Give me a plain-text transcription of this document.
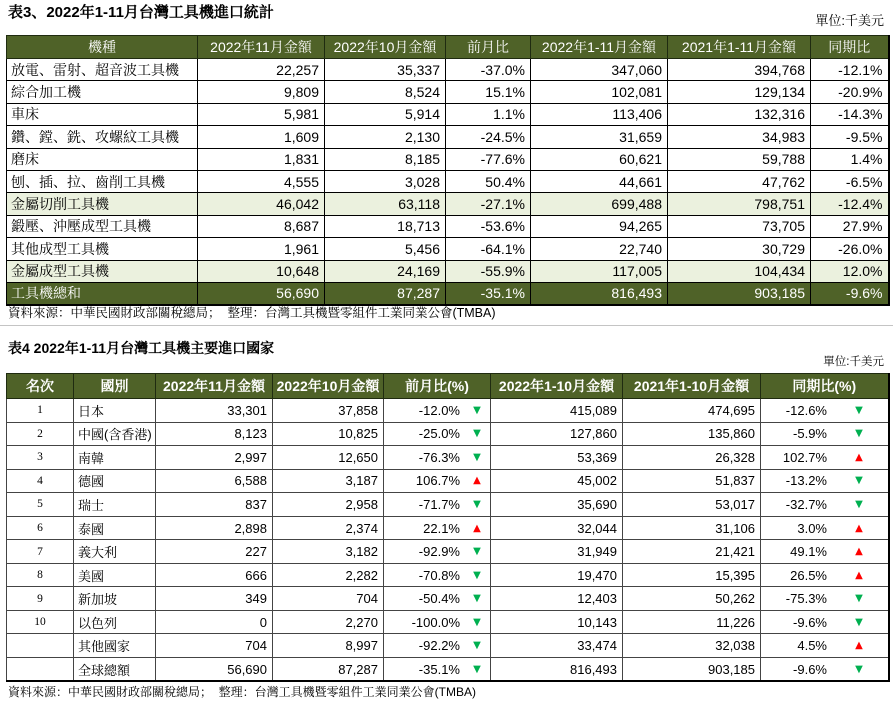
表3、2022年1-11月台灣工具機進口統計	單位:千美元
機種	2022年11月金額	2022年10月金額	前月比	2022年1-11月金額	2021年1-11月金額	同期比
放電、雷射、超音波工具機	22,257	35,337	-37.0%	347,060	394,768	-12.1%
綜合加工機	9,809	8,524	15.1%	102,081	129,134	-20.9%
車床	5,981	5,914	1.1%	113,406	132,316	-14.3%
鑽、鏜、銑、攻螺紋工具機	1,609	2,130	-24.5%	31,659	34,983	-9.5%
磨床	1,831	8,185	-77.6%	60,621	59,788	1.4%
刨、插、拉、齒削工具機	4,555	3,028	50.4%	44,661	47,762	-6.5%
金屬切削工具機	46,042	63,118	-27.1%	699,488	798,751	-12.4%
鍛壓、沖壓成型工具機	8,687	18,713	-53.6%	94,265	73,705	27.9%
其他成型工具機	1,961	5,456	-64.1%	22,740	30,729	-26.0%
金屬成型工具機	10,648	24,169	-55.9%	117,005	104,434	12.0%
工具機總和	56,690	87,287	-35.1%	816,493	903,185	-9.6%
資料來源：中華民國財政部關稅總局；  整理：台灣工具機暨零組件工業同業公會(TMBA)
表4 2022年1-11月台灣工具機主要進口國家
單位:千美元
名次	國別	2022年11月金額	2022年10月金額	前月比(%)	2022年1-10月金額	2021年1-10月金額	同期比(%)
1	日本	33,301	37,858	-12.0% ▼	415,089	474,695	-12.6% ▼

2	中國(含香港)	8,123	10,825	-25.0% ▼	127,860	135,860	-5.9% ▼

3	南韓	2,997	12,650	-76.3% ▼	53,369	26,328	102.7% ▲

4	德國	6,588	3,187	106.7% ▲	45,002	51,837	-13.2% ▼

5	瑞士	837	2,958	-71.7% ▼	35,690	53,017	-32.7% ▼

6	泰國	2,898	2,374	22.1% ▲	32,044	31,106	3.0% ▲

7	義大利	227	3,182	-92.9% ▼	31,949	21,421	49.1% ▲

8	美國	666	2,282	-70.8% ▼	19,470	15,395	26.5% ▲

9	新加坡	349	704	-50.4% ▼	12,403	50,262	-75.3% ▼

10	以色列	0	2,270	-100.0% ▼	10,143	11,226	-9.6% ▼

	其他國家	704	8,997	-92.2% ▼	33,474	32,038	4.5% ▲

	全球總額	56,690	87,287	-35.1% ▼	816,493	903,185	-9.6% ▼
資料來源：中華民國財政部關稅總局；  整理：台灣工具機暨零組件工業同業公會(TMBA)
